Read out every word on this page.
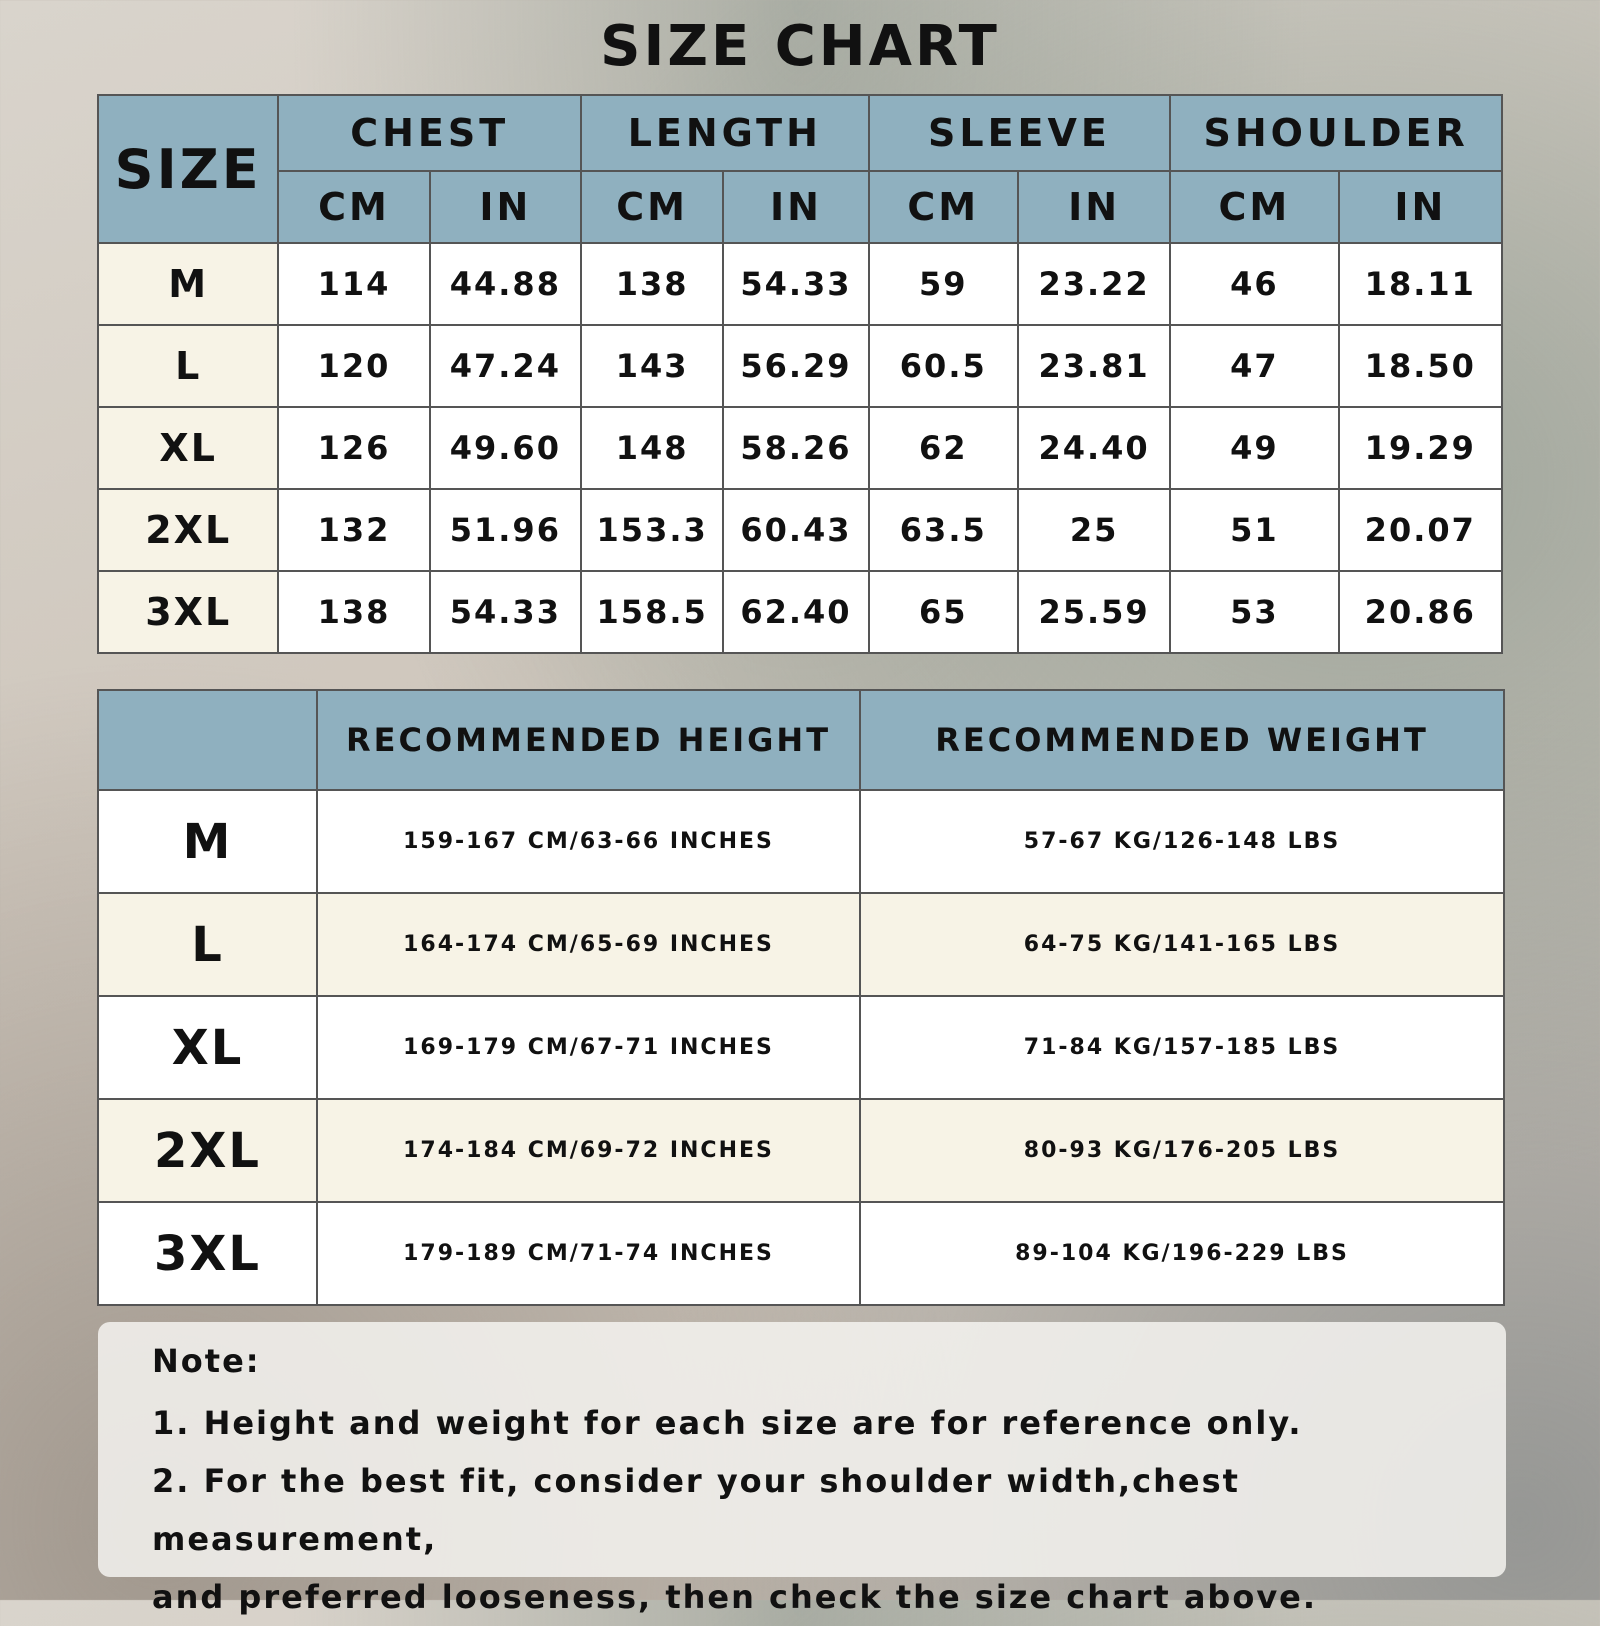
SIZE CHART
SIZE	CHEST		LENGTH		SLEEVE		SHOULDER	
	CM	IN	CM	IN	CM	IN	CM	IN
M	114	44.88	138	54.33	59	23.22	46	18.11
L	120	47.24	143	56.29	60.5	23.81	47	18.50
XL	126	49.60	148	58.26	62	24.40	49	19.29
2XL	132	51.96	153.3	60.43	63.5	25	51	20.07
3XL	138	54.33	158.5	62.40	65	25.59	53	20.86
	RECOMMENDED HEIGHT	RECOMMENDED WEIGHT
M	159-167 CM/63-66 INCHES	57-67 KG/126-148 LBS
L	164-174 CM/65-69 INCHES	64-75 KG/141-165 LBS
XL	169-179 CM/67-71 INCHES	71-84 KG/157-185 LBS
2XL	174-184 CM/69-72 INCHES	80-93 KG/176-205 LBS
3XL	179-189 CM/71-74 INCHES	89-104 KG/196-229 LBS

Note:

1. Height and weight for each size are for reference only.

2. For the best fit, consider your shoulder width,chest measurement,

and preferred looseness, then check the size chart above.
